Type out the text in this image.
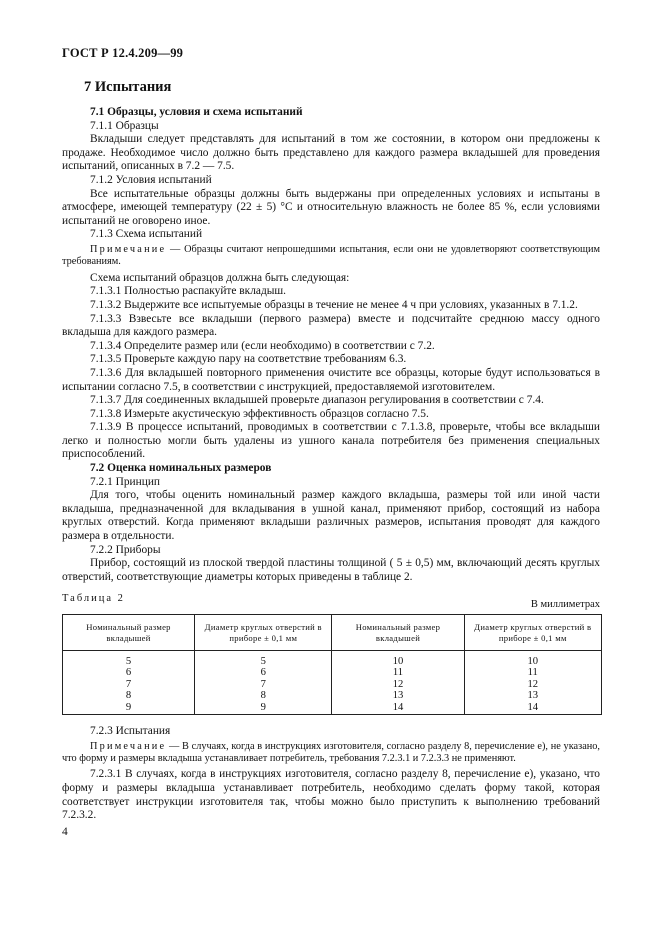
ГОСТ Р 12.4.209—99

7 Испытания

7.1 Образцы, условия и схема испытаний

7.1.1 Образцы

Вкладыши следует представлять для испытаний в том же состоянии, в котором они предложены к продаже. Необходимое число должно быть представлено для каждого размера вкладышей для проведения испытаний, описанных в 7.2 — 7.5.

7.1.2 Условия испытаний

Все испытательные образцы должны быть выдержаны при определенных условиях и испытаны в атмосфере, имеющей температуру (22 ± 5) °С и относительную влажность не более 85 %, если условиями испытаний не оговорено иное.

7.1.3 Схема испытаний

Примечание — Образцы считают непрошедшими испытания, если они не удовлетворяют соответствующим требованиям.

Схема испытаний образцов должна быть следующая:

7.1.3.1 Полностью распакуйте вкладыш.

7.1.3.2 Выдержите все испытуемые образцы в течение не менее 4 ч при условиях, указанных в 7.1.2.

7.1.3.3 Взвесьте все вкладыши (первого размера) вместе и подсчитайте среднюю массу одного вкладыша для каждого размера.

7.1.3.4 Определите размер или (если необходимо) в соответствии с 7.2.

7.1.3.5 Проверьте каждую пару на соответствие требованиям 6.3.

7.1.3.6 Для вкладышей повторного применения очистите все образцы, которые будут использоваться в испытании согласно 7.5, в соответствии с инструкцией, предоставляемой изготовителем.

7.1.3.7 Для соединенных вкладышей проверьте диапазон регулирования в соответствии с 7.4.

7.1.3.8 Измерьте акустическую эффективность образцов согласно 7.5.

7.1.3.9 В процессе испытаний, проводимых в соответствии с 7.1.3.8, проверьте, чтобы все вкладыши легко и полностью могли быть удалены из ушного канала потребителя без применения специальных приспособлений.

7.2 Оценка номинальных размеров

7.2.1 Принцип

Для того, чтобы оценить номинальный размер каждого вкладыша, размеры той или иной части вкладыша, предназначенной для вкладывания в ушной канал, применяют прибор, состоящий из набора круглых отверстий. Когда применяют вкладыши различных размеров, испытания проводят для каждого размера в отдельности.

7.2.2 Приборы

Прибор, состоящий из плоской твердой пластины толщиной ( 5 ± 0,5) мм, включающий десять круглых отверстий, соответствующие диаметры которых приведены в таблице 2.

Таблица 2
В миллиметрах

Номинальный размер вкладышей	Диаметр круглых отверстий в приборе ± 0,1 мм	Номинальный размер вкладышей	Диаметр круглых отверстий в приборе ± 0,1 мм
5	5	10	10
6	6	11	11
7	7	12	12
8	8	13	13
9	9	14	14

7.2.3 Испытания

Примечание — В случаях, когда в инструкциях изготовителя, согласно разделу 8, перечисление е), не указано, что форму и размеры вкладыша устанавливает потребитель, требования 7.2.3.1 и 7.2.3.3 не применяют.

7.2.3.1 В случаях, когда в инструкциях изготовителя, согласно разделу 8, перечисление е), указано, что форму и размеры вкладыша устанавливает потребитель, необходимо сделать форму такой, которая соответствует инструкции изготовителя так, чтобы можно было приступить к выполнению требований 7.2.3.2.

4
